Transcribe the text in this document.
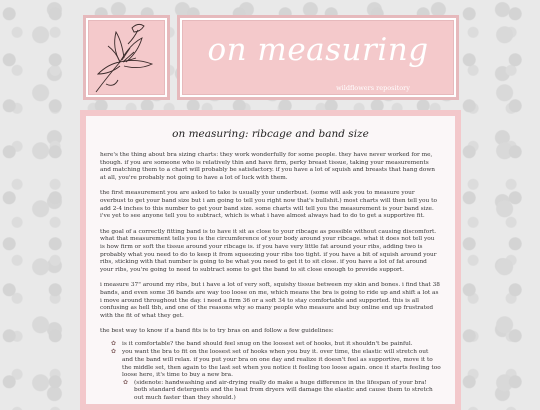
on measuring
wildflowers repository
on measuring: ribcage and band size

here's the thing about bra sizing charts: they work wonderfully for some people. they have never worked for me, though. if you are someone who is relatively thin and have firm, perky breast tissue, taking your measurements and matching them to a chart will probably be satisfactory. if you have a lot of squish and breasts that hang down at all, you're probably not going to have a lot of luck with them.

the first measurement you are asked to take is usually your underbust. (some will ask you to measure your overbust to get your band size but i am going to tell you right now that's bullshit.) most charts will then tell you to add 2-4 inches to this number to get your band size. some charts will tell you the measurement is your band size. i've yet to see anyone tell you to subtract, which is what i have almost always had to do to get a supportive fit.

the goal of a correctly fitting band is to have it sit as close to your ribcage as possible without causing discomfort. what that measurement tells you is the circumference of your body around your ribcage. what it does not tell you is how firm or soft the tissue around your ribcage is. if you have very little fat around your ribs, adding two is probably what you need to do to keep it from squeezing your ribs too tight. if you have a bit of squish around your ribs, sticking with that number is going to be what you need to get it to sit close. if you have a lot of fat around your ribs, you're going to need to subtract some to get the band to sit close enough to provide support.

i measure 37" around my ribs, but i have a lot of very soft, squishy tissue between my skin and bones. i find that 38 bands, and even some 36 bands are way too loose on me, which means the bra is going to ride up and shift a lot as i move around throughout the day. i need a firm 36 or a soft 34 to stay comfortable and supported. this is all confusing as hell tbh, and one of the reasons why so many people who measure and buy online end up frustrated with the fit of what they get.

the best way to know if a band fits is to try bras on and follow a few guidelines:

✿ is it comfortable? the band should feel snug on the loosest set of hooks, but it shouldn't be painful.
✿ you want the bra to fit on the loosest set of hooks when you buy it. over time, the elastic will stretch out and the band will relax. if you put your bra on one day and realize it doesn't feel as supportive, move it to the middle set, then again to the last set when you notice it feeling too loose again. once it starts feeling too loose here, it's time to buy a new bra.
✿ (sidenote: handwashing and air-drying really do make a huge difference in the lifespan of your bra! both standard detergents and the heat from dryers will damage the elastic and cause them to stretch out much faster than they should.)
